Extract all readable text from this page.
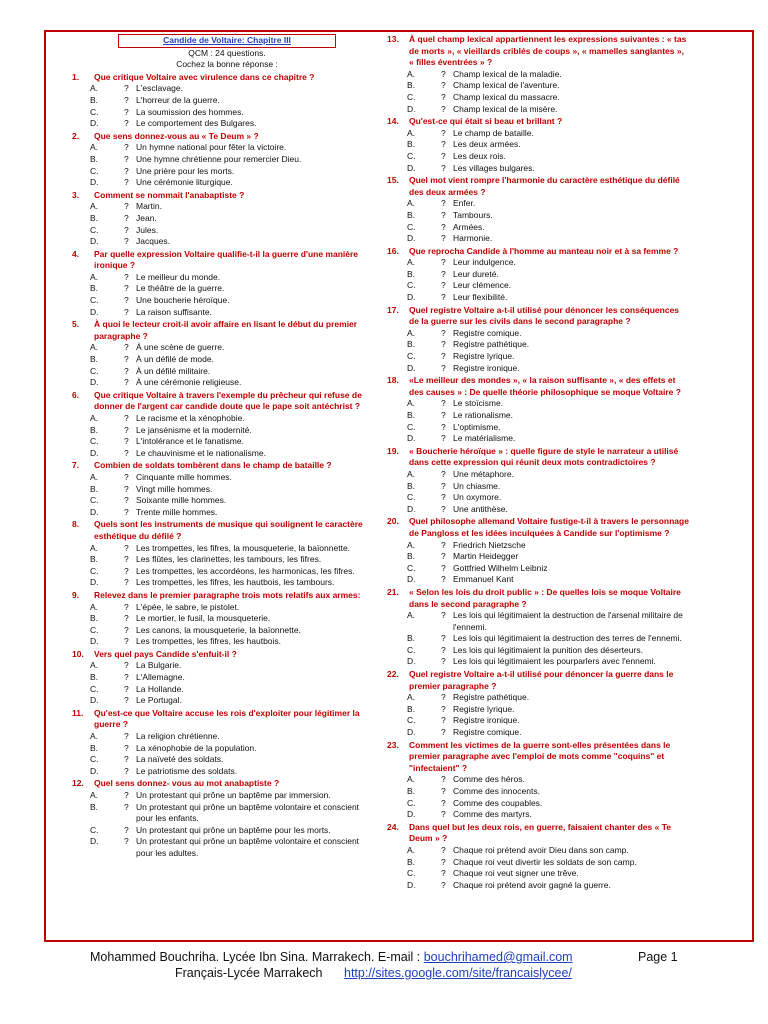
Candide de Voltaire: Chapitre III
QCM : 24 questions.
Cochez la bonne réponse :
1.	Que critique Voltaire avec virulence dans ce chapitre ?
A.	? L'esclavage.
B.	? L'horreur de la guerre.
C.	? La soumission des hommes.
D.	? Le comportement des Bulgares.
2.	Que sens donnez-vous au « Te Deum » ?
A.	? Un hymne national pour fêter la victoire.
B.	? Une hymne chrétienne pour remercier Dieu.
C.	? Une prière pour les morts.
D.	? Une cérémonie liturgique.
3.	Comment se nommait l'anabaptiste ?
A.	? Martin.
B.	? Jean.
C.	? Jules.
D.	? Jacques.
4.	Par quelle expression Voltaire qualifie-t-il la guerre d'une manière ironique ?
A.	? Le meilleur du monde.
B.	? Le théâtre de la guerre.
C.	? Une boucherie héroïque.
D.	? La raison suffisante.
5.	À quoi le lecteur croit-il avoir affaire en lisant le début du premier paragraphe ?
A.	? À une scène de guerre.
B.	? À un défilé de mode.
C.	? À un défilé militaire.
D.	? À une cérémonie religieuse.
6.	Que critique Voltaire à travers l'exemple du prêcheur qui refuse de donner de l'argent car candide doute que le pape soit antéchrist ?
A.	? Le racisme et la xénophobie.
B.	? Le jansénisme et la modernité.
C.	? L'intolérance et le fanatisme.
D.	? Le chauvinisme et le nationalisme.
7.	Combien de soldats tombèrent dans le champ de bataille ?
A.	? Cinquante mille hommes.
B.	? Vingt mille hommes.
C.	? Soixante mille hommes.
D.	? Trente mille hommes.
8.	Quels sont les instruments de musique qui soulignent le caractère esthétique du défilé ?
A.	? Les trompettes, les fifres, la mousqueterie, la baïonnette.
B.	? Les flûtes, les clarinettes, les tambours, les fifres.
C.	? Les trompettes, les accordéons, les harmonicas, les fifres.
D.	? Les trompettes, les fifres, les hautbois, les tambours.
9.	Relevez dans le premier paragraphe trois mots relatifs aux armes:
A.	? L'épée, le sabre, le pistolet.
B.	? Le mortier, le fusil, la mousqueterie.
C.	? Les canons, la mousqueterie, la baïonnette.
D.	? Les trompettes, les fifres, les hautbois.
10.	Vers quel pays Candide s'enfuit-il ?
A.	? La Bulgarie.
B.	? L'Allemagne.
C.	? La Hollande.
D.	? Le Portugal.
11.	Qu'est-ce que Voltaire accuse les rois d'exploiter pour légitimer la guerre ?
A.	? La religion chrétienne.
B.	? La xénophobie de la population.
C.	? La naïveté des soldats.
D.	? Le patriotisme des soldats.
12.	Quel sens donnez- vous au mot anabaptiste ?
A.	? Un protestant qui prône un baptême par immersion.
B.	? Un protestant qui prône un baptême volontaire et conscient pour les enfants.
C.	? Un protestant qui prône un baptême pour les morts.
D.	? Un protestant qui prône un baptême volontaire et conscient pour les adultes.
13.	À quel champ lexical appartiennent les expressions suivantes : « tas de morts », « vieillards criblés de coups », « mamelles sanglantes », « filles éventrées » ?
A.	? Champ lexical de la maladie.
B.	? Champ lexical de l'aventure.
C.	? Champ lexical du massacre.
D.	? Champ lexical de la misère.
14.	Qu'est-ce qui était si beau et brillant ?
A.	? Le champ de bataille.
B.	? Les deux armées.
C.	? Les deux rois.
D.	? Les villages bulgares.
15.	Quel mot vient rompre l'harmonie du caractère esthétique du défilé des deux armées ?
A.	? Enfer.
B.	? Tambours.
C.	? Armées.
D.	? Harmonie.
16.	Que reprocha Candide à l'homme au manteau noir et à sa femme ?
A.	? Leur indulgence.
B.	? Leur dureté.
C.	? Leur clémence.
D.	? Leur flexibilité.
17.	Quel registre Voltaire a-t-il utilisé pour dénoncer les conséquences de la guerre sur les civils dans le second paragraphe ?
A.	? Registre comique.
B.	? Registre pathétique.
C.	? Registre lyrique.
D.	? Registre ironique.
18.	«Le meilleur des mondes », « la raison suffisante », « des effets et des causes » : De quelle théorie philosophique se moque Voltaire ?
A.	? Le stoïcisme.
B.	? Le rationalisme.
C.	? L'optimisme.
D.	? Le matérialisme.
19.	« Boucherie héroïque » : quelle figure de style le narrateur a utilisé dans cette expression qui réunit deux mots contradictoires ?
A.	? Une métaphore.
B.	? Un chiasme.
C.	? Un oxymore.
D.	? Une antithèse.
20.	Quel philosophe allemand Voltaire fustige-t-il à travers le personnage de Pangloss et les idées inculquées à Candide sur l'optimisme ?
A.	? Friedrich Nietzsche
B.	? Martin Heidegger
C.	? Gottfried Wilhelm Leibniz
D.	? Emmanuel Kant
21.	« Selon les lois du droit public » : De quelles lois se moque Voltaire dans le second paragraphe ?
A.	? Les lois qui légitimaient la destruction de l'arsenal militaire de l'ennemi.
B.	? Les lois qui légitimaient la destruction des terres de l'ennemi.
C.	? Les lois qui légitimaient la punition des déserteurs.
D.	? Les lois qui légitimaient les pourparlers avec l'ennemi.
22.	Quel registre Voltaire a-t-il utilisé pour dénoncer la guerre dans le premier paragraphe ?
A.	? Registre pathétique.
B.	? Registre lyrique.
C.	? Registre ironique.
D.	? Registre comique.
23.	Comment les victimes de la guerre sont-elles présentées dans le premier paragraphe avec l'emploi de mots comme "coquins" et "infectaient" ?
A.	? Comme des héros.
B.	? Comme des innocents.
C.	? Comme des coupables.
D.	? Comme des martyrs.
24.	Dans quel but les deux rois, en guerre, faisaient chanter des « Te Deum » ?
A.	? Chaque roi prétend avoir Dieu dans son camp.
B.	? Chaque roi veut divertir les soldats de son camp.
C.	? Chaque roi veut signer une trêve.
D.	? Chaque roi prétend avoir gagné la guerre.
Mohammed Bouchriha. Lycée Ibn Sina. Marrakech. E-mail : bouchrihamed@gmail.com	Page 1
Français-Lycée Marrakech http://sites.google.com/site/francaislycee/
